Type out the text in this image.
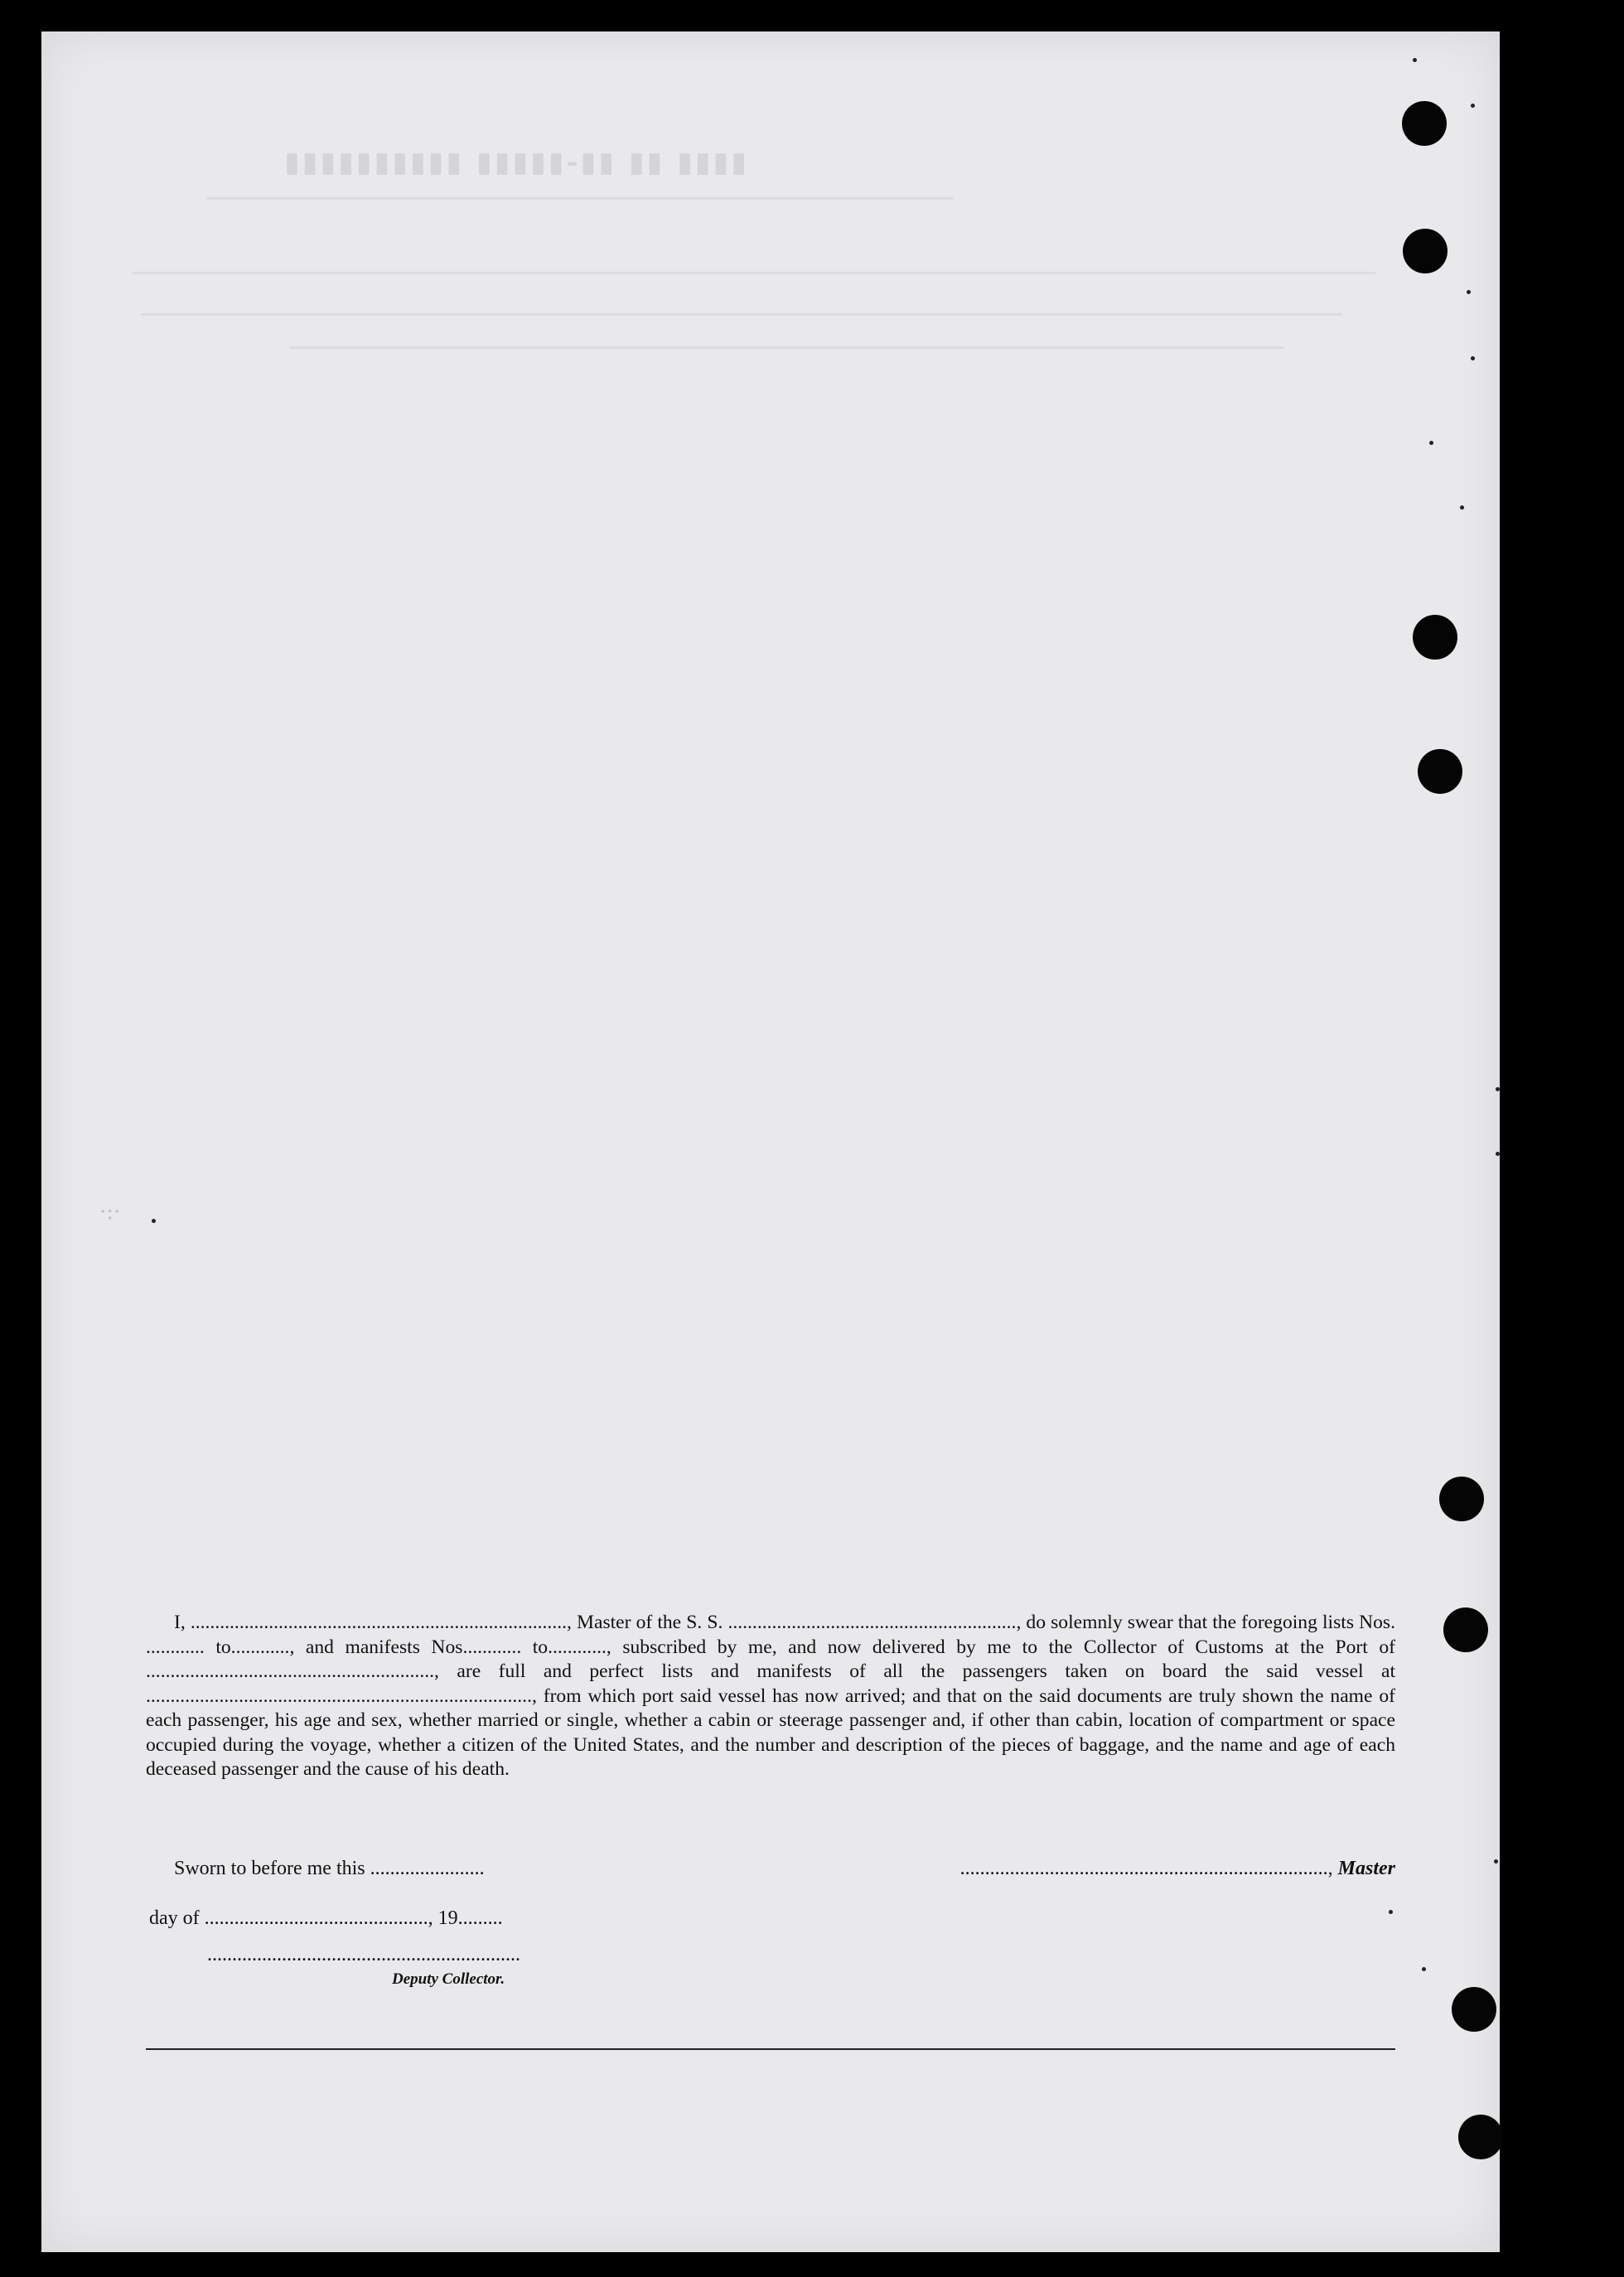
▮▮▮▮ ▮▮ ▮▮-▮▮▮▮▮ ▮▮▮▮▮▮▮▮▮▮
·:·
I, ............................................................................., Master of the S. S. ..........................................................., do solemnly swear that the foregoing lists Nos. ............ to............, and manifests Nos............ to............, subscribed by me, and now delivered by me to the Collector of Customs at the Port of ..........................................................., are full and perfect lists and manifests of all the passengers taken on board the said vessel at ..............................................................................., from which port said vessel has now arrived; and that on the said documents are truly shown the name of each passenger, his age and sex, whether married or single, whether a cabin or steerage passenger and, if other than cabin, location of compartment or space occupied during the voyage, whether a citizen of the United States, and the number and description of the pieces of baggage, and the name and age of each deceased passenger and the cause of his death.
Sworn to before me this .......................	.........................................................................., Master
day of ............................................., 19.........
...............................................................
Deputy Collector.
